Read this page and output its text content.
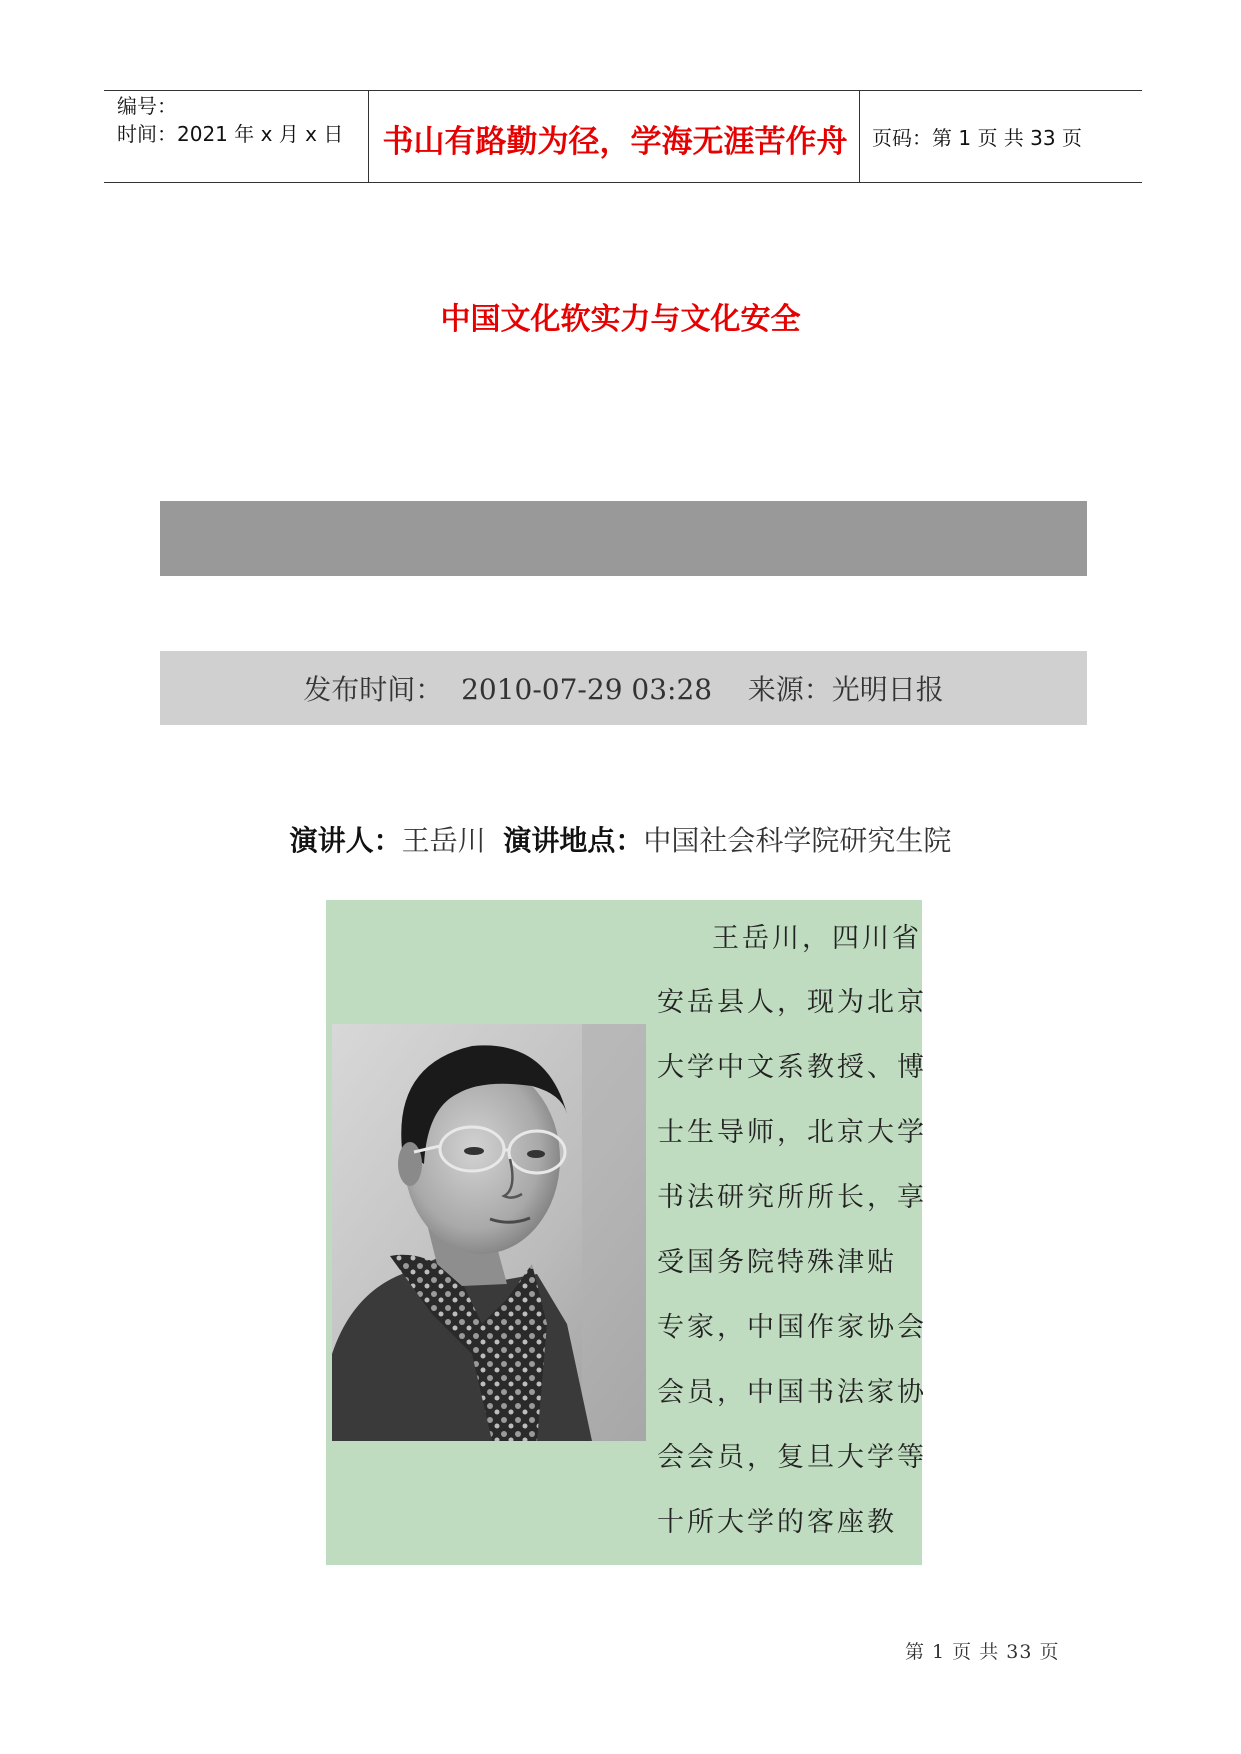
编号：
时间：2021 年 x 月 x 日	书山有路勤为径，学海无涯苦作舟	页码：第 1 页 共 33 页
中国文化软实力与文化安全
发布时间：  2010-07-29 03:28    来源：光明日报
演讲人：王岳川 演讲地点：中国社会科学院研究生院
王岳川，四川省
安岳县人，现为北京
大学中文系教授、博
士生导师，北京大学
书法研究所所长，享
受国务院特殊津贴
专家，中国作家协会
会员，中国书法家协
会会员，复旦大学等
十所大学的客座教
第 1 页 共 33 页
